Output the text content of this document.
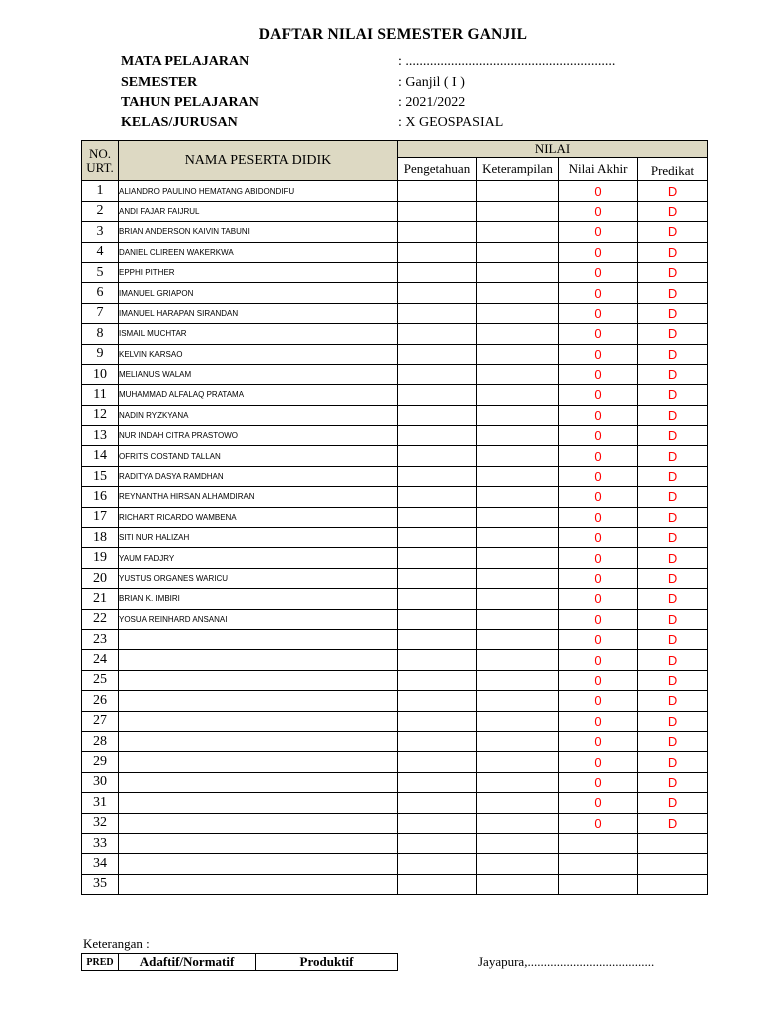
DAFTAR NILAI SEMESTER GANJIL
MATA PELAJARAN	: ............................................................
SEMESTER	: Ganjil ( I )
TAHUN PELAJARAN	: 2021/2022
KELAS/JURUSAN	: X GEOSPASIAL
NO.
URT.	NAMA PESERTA DIDIK	NILAI			
		Pengetahuan	Keterampilan	Nilai Akhir	Predikat
1	ALIANDRO PAULINO HEMATANG ABIDONDIFU			0	D
2	ANDI FAJAR FAIJRUL			0	D
3	BRIAN ANDERSON KAIVIN TABUNI			0	D
4	DANIEL CLIREEN WAKERKWA			0	D
5	EPPHI PITHER			0	D
6	IMANUEL GRIAPON			0	D
7	IMANUEL HARAPAN SIRANDAN			0	D
8	ISMAIL MUCHTAR			0	D
9	KELVIN KARSAO			0	D
10	MELIANUS WALAM			0	D
11	MUHAMMAD ALFALAQ PRATAMA			0	D
12	NADIN RYZKYANA			0	D
13	NUR INDAH CITRA PRASTOWO			0	D
14	OFRITS COSTAND TALLAN			0	D
15	RADITYA DASYA RAMDHAN			0	D
16	REYNANTHA HIRSAN ALHAMDIRAN			0	D
17	RICHART RICARDO WAMBENA			0	D
18	SITI NUR HALIZAH			0	D
19	YAUM FADJRY			0	D
20	YUSTUS ORGANES WARICU			0	D
21	BRIAN K. IMBIRI			0	D
22	YOSUA REINHARD ANSANAI			0	D
23				0	D
24				0	D
25				0	D
26				0	D
27				0	D
28				0	D
29				0	D
30				0	D
31				0	D
32				0	D
33					
34					
35					
Keterangan :
PRED	Adaftif/Normatif	Produktif	Jayapura,.......................................
